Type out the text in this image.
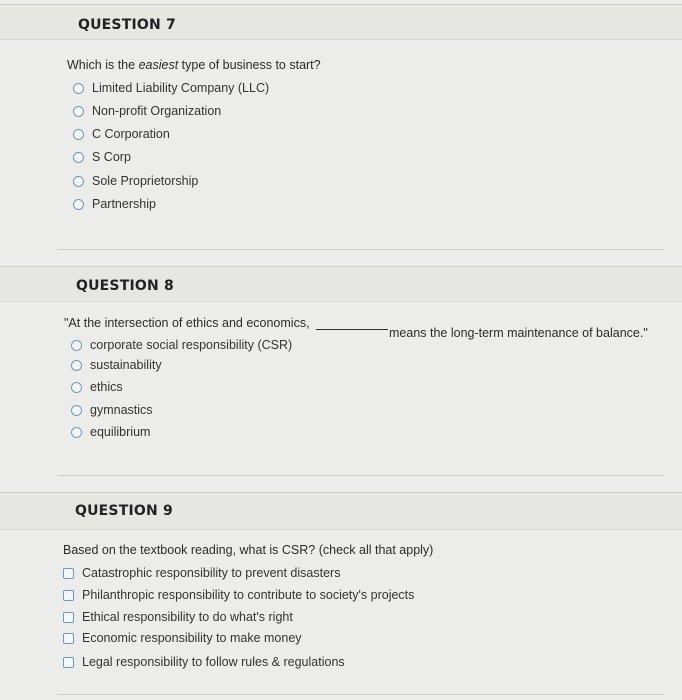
QUESTION 7
Which is the easiest type of business to start?
Limited Liability Company (LLC)
Non-profit Organization
C Corporation
S Corp
Sole Proprietorship
Partnership
QUESTION 8
"At the intersection of ethics and economics,
means the long-term maintenance of balance."
corporate social responsibility (CSR)
sustainability
ethics
gymnastics
equilibrium
QUESTION 9
Based on the textbook reading, what is CSR? (check all that apply)
Catastrophic responsibility to prevent disasters
Philanthropic responsibility to contribute to society's projects
Ethical responsibility to do what's right
Economic responsibility to make money
Legal responsibility to follow rules & regulations
